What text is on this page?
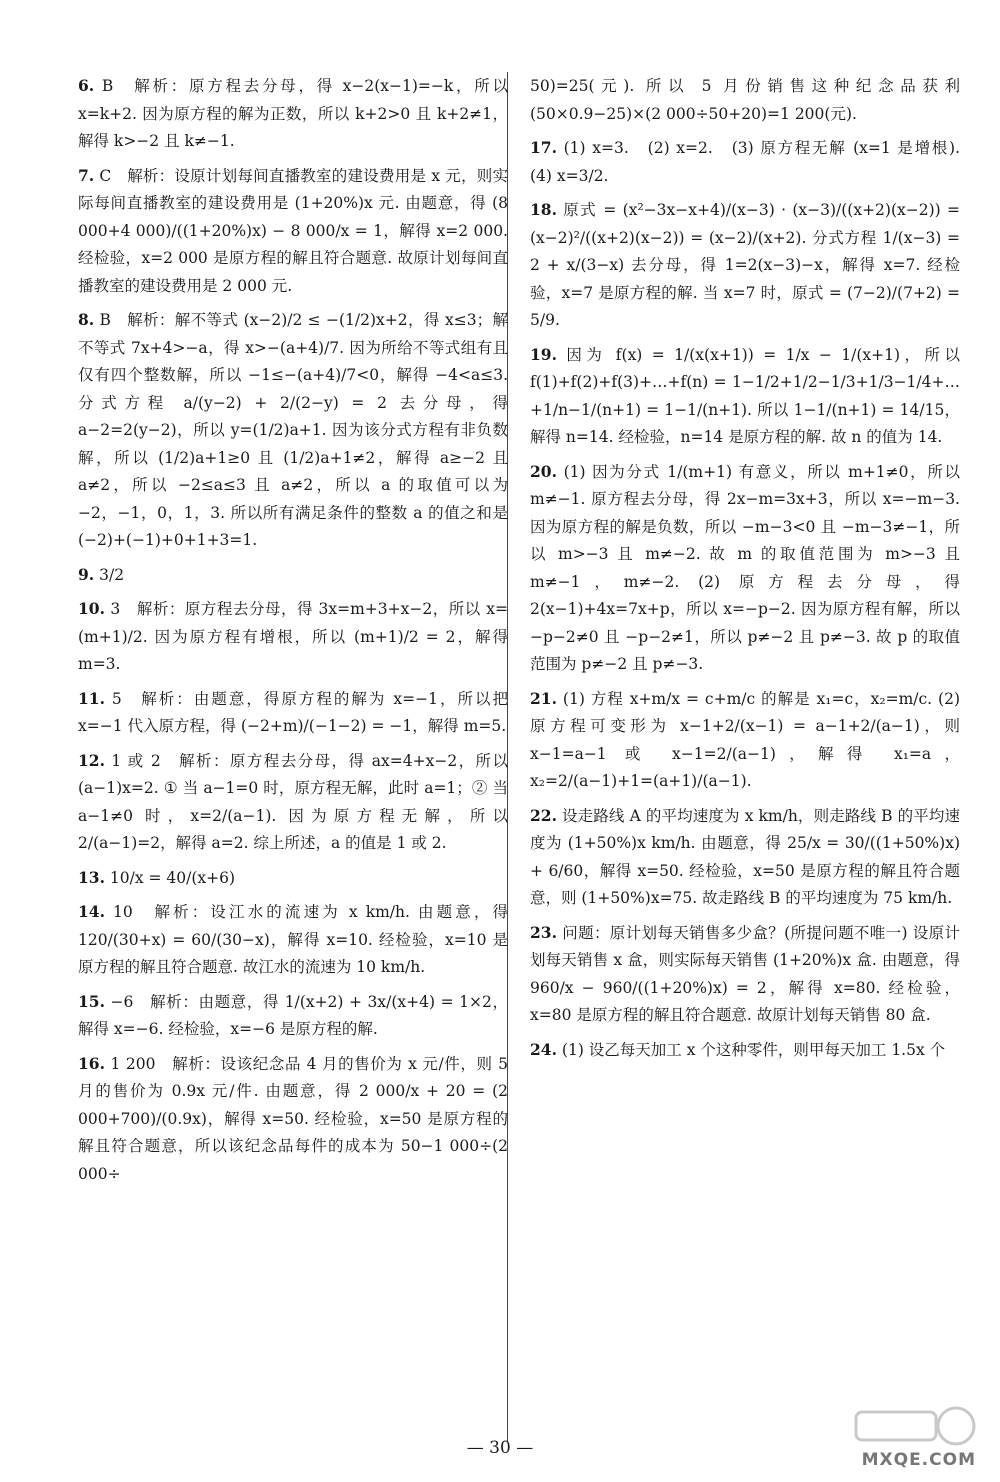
6. B　解析：原方程去分母，得 x−2(x−1)=−k，所以 x=k+2. 因为原方程的解为正数，所以 k+2>0 且 k+2≠1，解得 k>−2 且 k≠−1.

7. C　解析：设原计划每间直播教室的建设费用是 x 元，则实际每间直播教室的建设费用是 (1+20%)x 元. 由题意，得 (8 000+4 000)/((1+20%)x) − 8 000/x = 1，解得 x=2 000. 经检验，x=2 000 是原方程的解且符合题意. 故原计划每间直播教室的建设费用是 2 000 元.

8. B　解析：解不等式 (x−2)/2 ≤ −(1/2)x+2，得 x≤3；解不等式 7x+4>−a，得 x>−(a+4)/7. 因为所给不等式组有且仅有四个整数解，所以 −1≤−(a+4)/7<0，解得 −4<a≤3. 分式方程 a/(y−2) + 2/(2−y) = 2 去分母，得 a−2=2(y−2)，所以 y=(1/2)a+1. 因为该分式方程有非负数解，所以 (1/2)a+1≥0 且 (1/2)a+1≠2，解得 a≥−2 且 a≠2，所以 −2≤a≤3 且 a≠2，所以 a 的取值可以为 −2，−1，0，1，3. 所以所有满足条件的整数 a 的值之和是 (−2)+(−1)+0+1+3=1.

9. 3/2

10. 3　解析：原方程去分母，得 3x=m+3+x−2，所以 x=(m+1)/2. 因为原方程有增根，所以 (m+1)/2 = 2，解得 m=3.

11. 5　解析：由题意，得原方程的解为 x=−1，所以把 x=−1 代入原方程，得 (−2+m)/(−1−2) = −1，解得 m=5.

12. 1 或 2　解析：原方程去分母，得 ax=4+x−2，所以 (a−1)x=2. ① 当 a−1=0 时，原方程无解，此时 a=1；② 当 a−1≠0 时，x=2/(a−1). 因为原方程无解，所以 2/(a−1)=2，解得 a=2. 综上所述，a 的值是 1 或 2.

13. 10/x = 40/(x+6)

14. 10　解析：设江水的流速为 x km/h. 由题意，得 120/(30+x) = 60/(30−x)，解得 x=10. 经检验，x=10 是原方程的解且符合题意. 故江水的流速为 10 km/h.

15. −6　解析：由题意，得 1/(x+2) + 3x/(x+4) = 1×2，解得 x=−6. 经检验，x=−6 是原方程的解.

16. 1 200　解析：设该纪念品 4 月的售价为 x 元/件，则 5 月的售价为 0.9x 元/件. 由题意，得 2 000/x + 20 = (2 000+700)/(0.9x)，解得 x=50. 经检验，x=50 是原方程的解且符合题意，所以该纪念品每件的成本为 50−1 000÷(2 000÷

50)=25(元). 所以 5 月份销售这种纪念品获利 (50×0.9−25)×(2 000÷50+20)=1 200(元).

17. (1) x=3.　(2) x=2.　(3) 原方程无解 (x=1 是增根).　(4) x=3/2.

18. 原式 = (x²−3x−x+4)/(x−3) · (x−3)/((x+2)(x−2)) = (x−2)²/((x+2)(x−2)) = (x−2)/(x+2). 分式方程 1/(x−3) = 2 + x/(3−x) 去分母，得 1=2(x−3)−x，解得 x=7. 经检验，x=7 是原方程的解. 当 x=7 时，原式 = (7−2)/(7+2) = 5/9.

19. 因为 f(x) = 1/(x(x+1)) = 1/x − 1/(x+1)，所以 f(1)+f(2)+f(3)+…+f(n) = 1−1/2+1/2−1/3+1/3−1/4+…+1/n−1/(n+1) = 1−1/(n+1). 所以 1−1/(n+1) = 14/15，解得 n=14. 经检验，n=14 是原方程的解. 故 n 的值为 14.

20. (1) 因为分式 1/(m+1) 有意义，所以 m+1≠0，所以 m≠−1. 原方程去分母，得 2x−m=3x+3，所以 x=−m−3. 因为原方程的解是负数，所以 −m−3<0 且 −m−3≠−1，所以 m>−3 且 m≠−2. 故 m 的取值范围为 m>−3 且 m≠−1，m≠−2. (2) 原方程去分母，得 2(x−1)+4x=7x+p，所以 x=−p−2. 因为原方程有解，所以 −p−2≠0 且 −p−2≠1，所以 p≠−2 且 p≠−3. 故 p 的取值范围为 p≠−2 且 p≠−3.

21. (1) 方程 x+m/x = c+m/c 的解是 x₁=c，x₂=m/c. (2) 原方程可变形为 x−1+2/(x−1) = a−1+2/(a−1)，则 x−1=a−1 或 x−1=2/(a−1)，解得 x₁=a，x₂=2/(a−1)+1=(a+1)/(a−1).

22. 设走路线 A 的平均速度为 x km/h，则走路线 B 的平均速度为 (1+50%)x km/h. 由题意，得 25/x = 30/((1+50%)x) + 6/60，解得 x=50. 经检验，x=50 是原方程的解且符合题意，则 (1+50%)x=75. 故走路线 B 的平均速度为 75 km/h.

23. 问题：原计划每天销售多少盒？(所提问题不唯一) 设原计划每天销售 x 盒，则实际每天销售 (1+20%)x 盒. 由题意，得 960/x − 960/((1+20%)x) = 2，解得 x=80. 经检验，x=80 是原方程的解且符合题意. 故原计划每天销售 80 盒.

24. (1) 设乙每天加工 x 个这种零件，则甲每天加工 1.5x 个

— 30 —
MXQE.COM
